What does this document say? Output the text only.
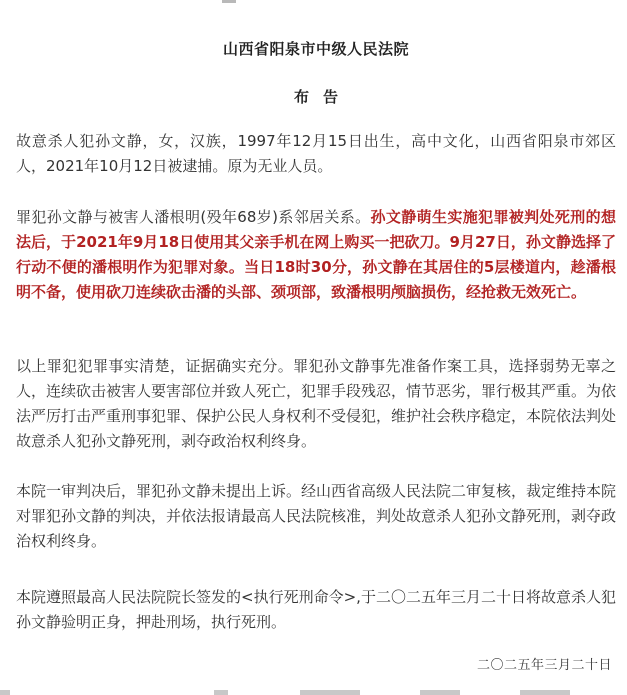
山西省阳泉市中级人民法院
布告

故意杀人犯孙文静，女，汉族，1997年12月15日出生，高中文化，山西省阳泉市郊区人，2021年10月12日被逮捕。原为无业人员。

罪犯孙文静与被害人潘根明(殁年68岁)系邻居关系。孙文静萌生实施犯罪被判处死刑的想法后，于2021年9月18日使用其父亲手机在网上购买一把砍刀。9月27日，孙文静选择了行动不便的潘根明作为犯罪对象。当日18时30分，孙文静在其居住的5层楼道内，趁潘根明不备，使用砍刀连续砍击潘的头部、颈项部，致潘根明颅脑损伤，经抢救无效死亡。

以上罪犯犯罪事实清楚，证据确实充分。罪犯孙文静事先准备作案工具，选择弱势无辜之人，连续砍击被害人要害部位并致人死亡，犯罪手段残忍，情节恶劣，罪行极其严重。为依法严厉打击严重刑事犯罪、保护公民人身权利不受侵犯，维护社会秩序稳定，本院依法判处故意杀人犯孙文静死刑，剥夺政治权利终身。

本院一审判决后，罪犯孙文静未提出上诉。经山西省高级人民法院二审复核，裁定维持本院对罪犯孙文静的判决，并依法报请最高人民法院核准，判处故意杀人犯孙文静死刑，剥夺政治权利终身。

本院遵照最高人民法院院长签发的<执行死刑命令>,于二〇二五年三月二十日将故意杀人犯孙文静验明正身，押赴刑场，执行死刑。

二〇二五年三月二十日
